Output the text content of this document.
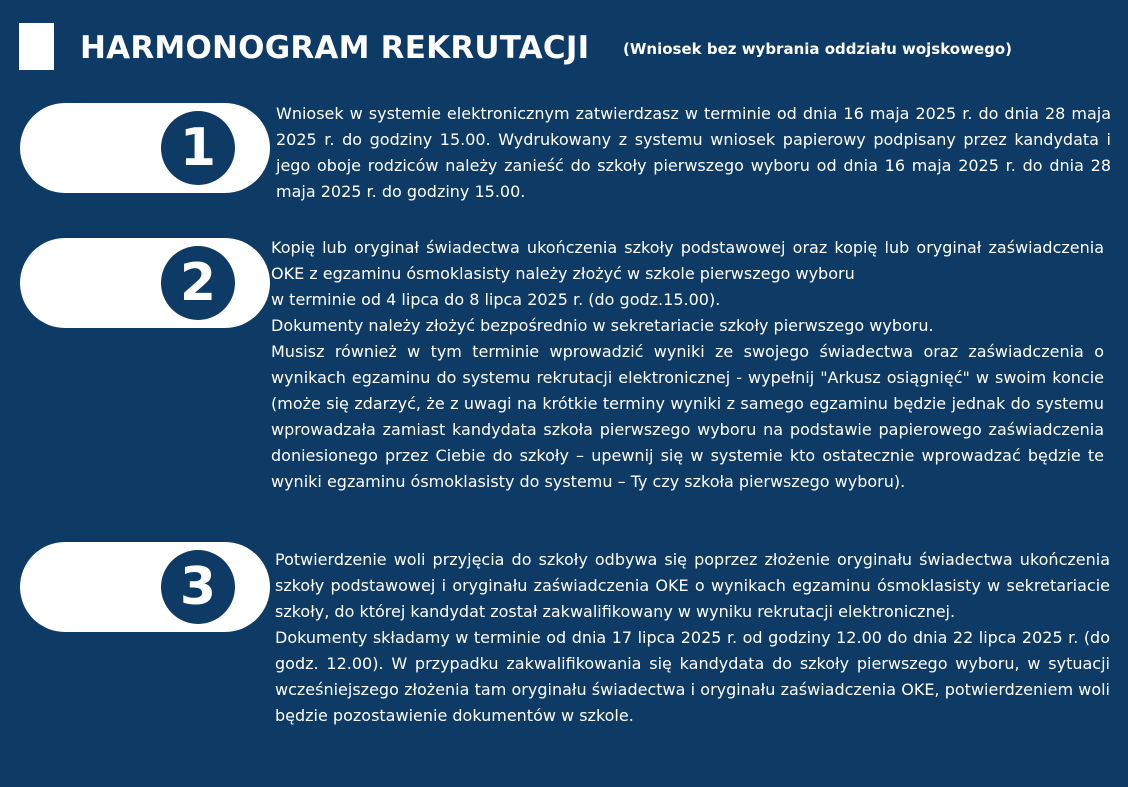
HARMONOGRAM REKRUTACJI (Wniosek bez wybrania oddziału wojskowego)
1

Wniosek w systemie elektronicznym zatwierdzasz w terminie od dnia 16 maja 2025 r. do dnia 28 maja 2025 r. do godziny 15.00. Wydrukowany z systemu wniosek papierowy podpisany przez kandydata i jego oboje rodziców należy zanieść do szkoły pierwszego wyboru od dnia 16 maja 2025 r. do dnia 28 maja 2025 r. do godziny 15.00.

2

Kopię lub oryginał świadectwa ukończenia szkoły podstawowej oraz kopię lub oryginał zaświadczenia OKE z egzaminu ósmoklasisty należy złożyć w szkole pierwszego wyboru

w terminie od 4 lipca do 8 lipca 2025 r. (do godz.15.00).

Dokumenty należy złożyć bezpośrednio w sekretariacie szkoły pierwszego wyboru.

Musisz również w tym terminie wprowadzić wyniki ze swojego świadectwa oraz zaświadczenia o wynikach egzaminu do systemu rekrutacji elektronicznej - wypełnij "Arkusz osiągnięć" w swoim koncie (może się zdarzyć, że z uwagi na krótkie terminy wyniki z samego egzaminu będzie jednak do systemu wprowadzała zamiast kandydata szkoła pierwszego wyboru na podstawie papierowego zaświadczenia doniesionego przez Ciebie do szkoły – upewnij się w systemie kto ostatecznie wprowadzać będzie te wyniki egzaminu ósmoklasisty do systemu – Ty czy szkoła pierwszego wyboru).

3	Potwierdzenie woli przyjęcia do szkoły odbywa się poprzez złożenie oryginału świadectwa ukończenia szkoły podstawowej i oryginału zaświadczenia OKE o wynikach egzaminu ósmoklasisty w sekretariacie szkoły, do której kandydat został zakwalifikowany w wyniku rekrutacji elektronicznej.

Dokumenty składamy w terminie od dnia 17 lipca 2025 r. od godziny 12.00 do dnia 22 lipca 2025 r. (do godz. 12.00). W przypadku zakwalifikowania się kandydata do szkoły pierwszego wyboru, w sytuacji wcześniejszego złożenia tam oryginału świadectwa i oryginału zaświadczenia OKE, potwierdzeniem woli będzie pozostawienie dokumentów w szkole.
